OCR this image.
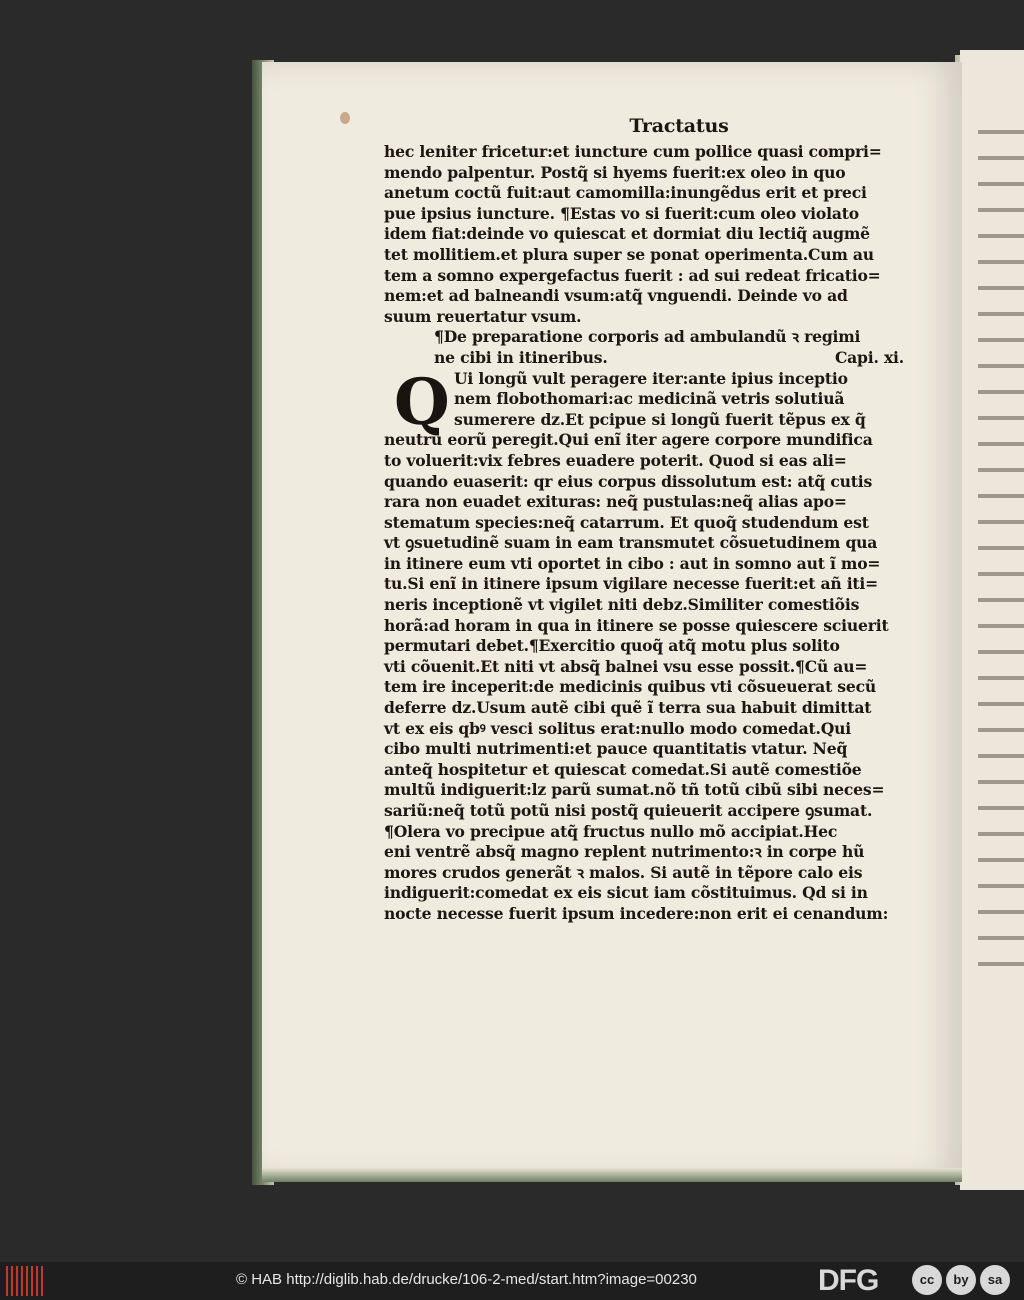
Tractatus
hec leniter fricetur:et iuncture cum pollice quasi compri=
mendo palpentur. Postq̃ si hyems fuerit:ex oleo in quo
anetum coctũ fuit:aut camomilla:inungẽdus erit et preci
pue ipsius iuncture. ¶Estas vo si fuerit:cum oleo violato
idem fiat:deinde vo quiescat et dormiat diu lectiq̃ augmẽ
tet mollitiem.et plura super se ponat operimenta.Cum au
tem a somno expergefactus fuerit : ad sui redeat fricatio=
nem:et ad balneandi vsum:atq̃ vnguendi. Deinde vo ad
suum reuertatur vsum.
¶De preparatione corporis ad ambulandũ ꝛ regimi
ne cibi in itineribus.	Capi. xi.
Q Ui longũ vult peragere iter:ante ipius inceptio
nem flobothomari:ac medicinã vetris solutiuã
sumerere dz.Et pcipue si longũ fuerit tẽpus ex q̃
neutrũ eorũ peregit.Qui enĩ iter agere corpore mundifica
to voluerit:vix febres euadere poterit. Quod si eas ali=
quando euaserit: qr eius corpus dissolutum est: atq̃ cutis
rara non euadet exituras: neq̃ pustulas:neq̃ alias apo=
stematum species:neq̃ catarrum. Et quoq̃ studendum est
vt ꝯsuetudinẽ suam in eam transmutet cõsuetudinem qua
in itinere eum vti oportet in cibo : aut in somno aut ĩ mo=
tu.Si enĩ in itinere ipsum vigilare necesse fuerit:et añ iti=
neris inceptionẽ vt vigilet niti debz.Similiter comestiõis
horã:ad horam in qua in itinere se posse quiescere sciuerit
permutari debet.¶Exercitio quoq̃ atq̃ motu plus solito
vti cõuenit.Et niti vt absq̃ balnei vsu esse possit.¶Cũ au=
tem ire inceperit:de medicinis quibus vti cõsueuerat secũ
deferre dz.Usum autẽ cibi quẽ ĩ terra sua habuit dimittat
vt ex eis qbꝰ vesci solitus erat:nullo modo comedat.Qui
cibo multi nutrimenti:et pauce quantitatis vtatur. Neq̃
anteq̃ hospitetur et quiescat comedat.Si autẽ comestiõe
multũ indiguerit:lz parũ sumat.nõ tñ totũ cibũ sibi neces=
sariũ:neq̃ totũ potũ nisi postq̃ quieuerit accipere ꝯsumat.
¶Olera vo precipue atq̃ fructus nullo mõ accipiat.Hec
eni ventrẽ absq̃ magno replent nutrimento:ꝛ in corpe hũ
mores crudos generãt ꝛ malos. Si autẽ in tẽpore calo eis
indiguerit:comedat ex eis sicut iam cõstituimus. Qd si in
nocte necesse fuerit ipsum incedere:non erit ei cenandum:
© HAB http://diglib.hab.de/drucke/106-2-med/start.htm?image=00230	DFG	cc	by	sa
